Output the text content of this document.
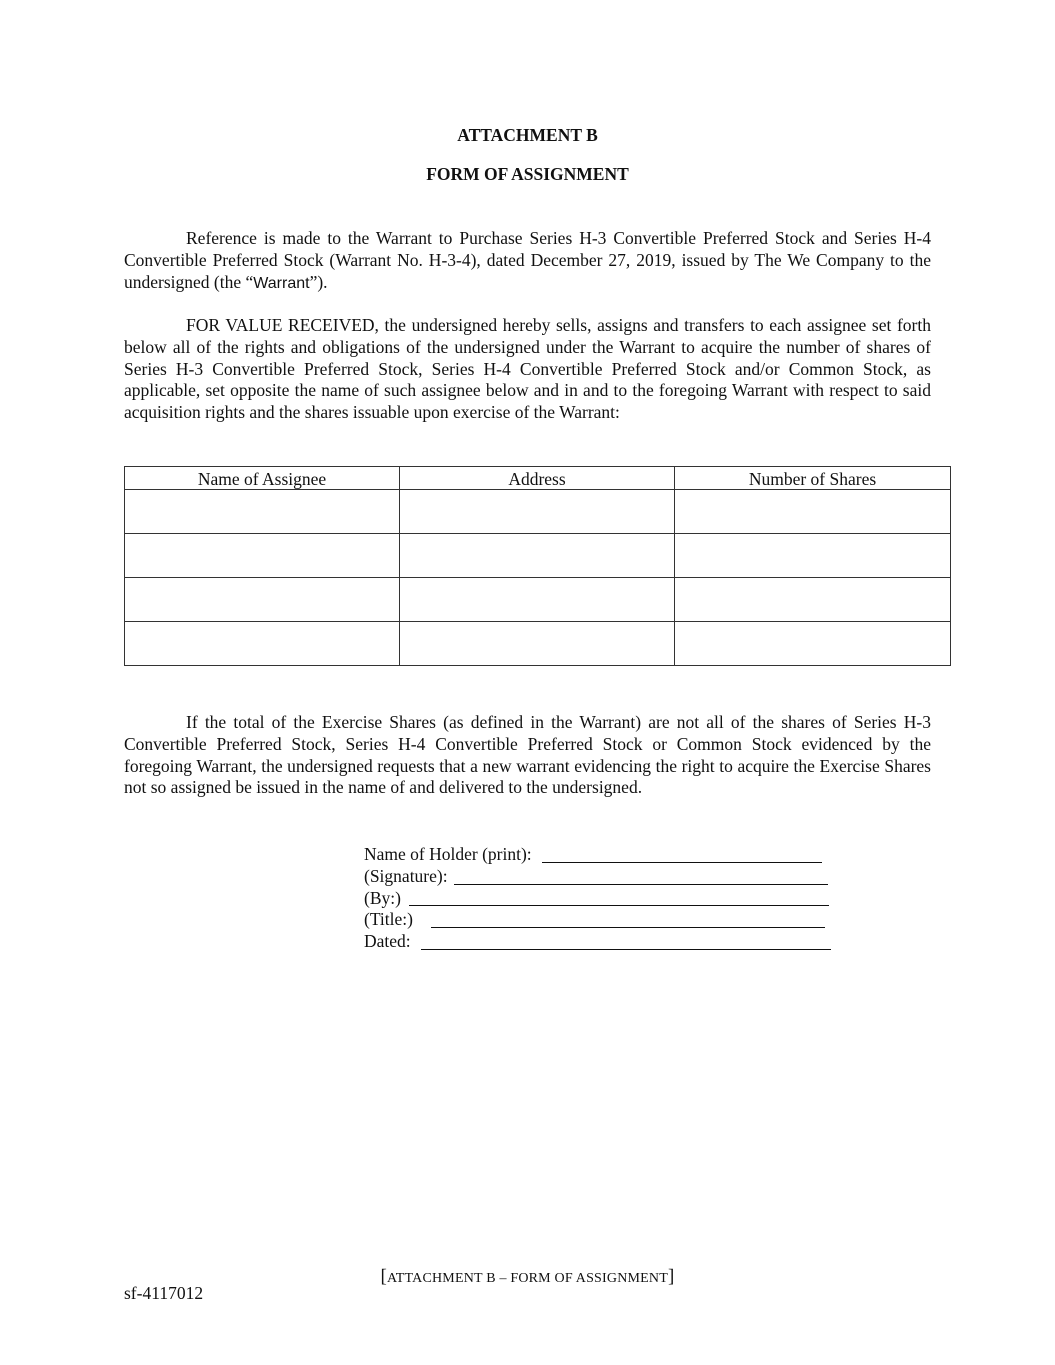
ATTACHMENT B
FORM OF ASSIGNMENT

Reference is made to the Warrant to Purchase Series H-3 Convertible Preferred Stock and Series H-4 Convertible Preferred Stock (Warrant No. H-3-4), dated December 27, 2019, issued by The We Company to the undersigned (the “Warrant”).

FOR VALUE RECEIVED, the undersigned hereby sells, assigns and transfers to each assignee set forth below all of the rights and obligations of the undersigned under the Warrant to acquire the number of shares of Series H-3 Convertible Preferred Stock, Series H-4 Convertible Preferred Stock and/or Common Stock, as applicable, set opposite the name of such assignee below and in and to the foregoing Warrant with respect to said acquisition rights and the shares issuable upon exercise of the Warrant:

Name of Assignee	Address	Number of Shares

If the total of the Exercise Shares (as defined in the Warrant) are not all of the shares of Series H-3 Convertible Preferred Stock, Series H-4 Convertible Preferred Stock or Common Stock evidenced by the foregoing Warrant, the undersigned requests that a new warrant evidencing the right to acquire the Exercise Shares not so assigned be issued in the name of and delivered to the undersigned.

Name of Holder (print):
(Signature):
(By:)
(Title:)
Dated:
[ATTACHMENT B – FORM OF ASSIGNMENT]
sf-4117012
